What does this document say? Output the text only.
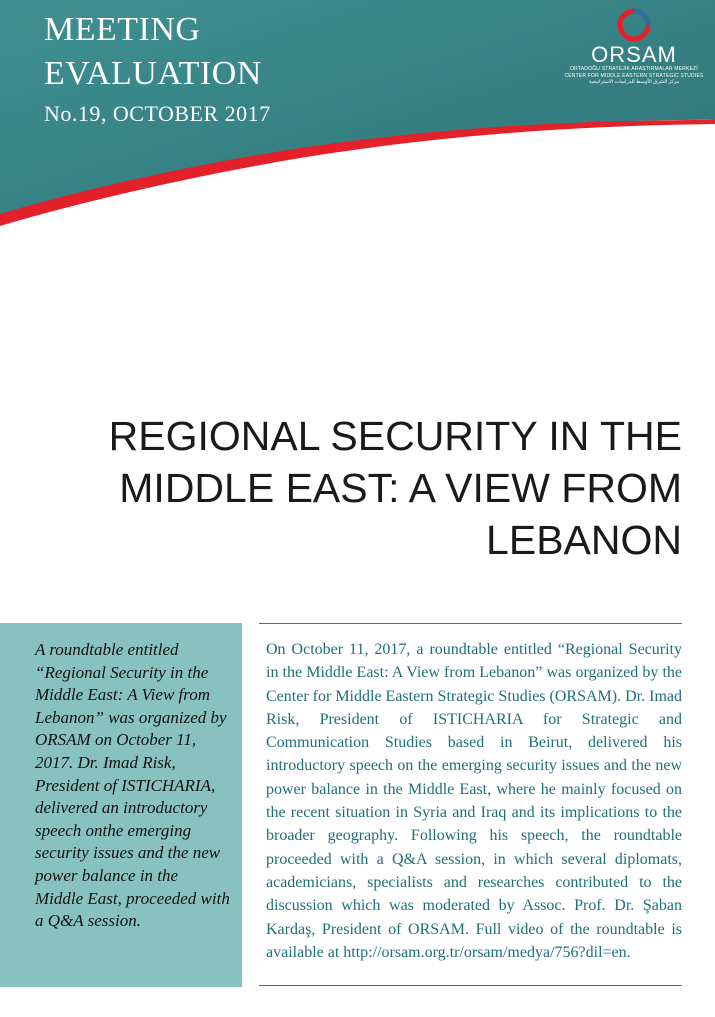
MEETING EVALUATION
No.19, OCTOBER 2017
ORSAM
ORTADOĞU STRATEJİK ARAŞTIRMALAR MERKEZİ
CENTER FOR MIDDLE EASTERN STRATEGIC STUDIES
مركز الشرق الأوسط للدراسات الاستراتيجية
REGIONAL SECURITY IN THE MIDDLE EAST: A VIEW FROM LEBANON
A roundtable entitled “Regional Security in the Middle East: A View from Lebanon” was organized by ORSAM on October 11, 2017. Dr. Imad Risk, President of ISTICHARIA, delivered an introductory speech onthe emerging security issues and the new power balance in the Middle East, proceeded with a Q&A session.
On October 11, 2017, a roundtable entitled “Regional Security in the Middle East: A View from Lebanon” was organized by the Center for Middle Eastern Strategic Studies (ORSAM). Dr. Imad Risk, President of ISTICHARIA for Strategic and Communication Studies based in Beirut, delivered his introductory speech on the emerging security issues and the new power balance in the Middle East, where he mainly focused on the recent situation in Syria and Iraq and its implications to the broader geography. Following his speech, the roundtable proceeded with a Q&A session, in which several diplomats, academicians, specialists and researches contributed to the discussion which was moderated by Assoc. Prof. Dr. Şaban Kardaş, President of ORSAM. Full video of the roundtable is available at http://orsam.org.tr/orsam/medya/756?dil=en.
